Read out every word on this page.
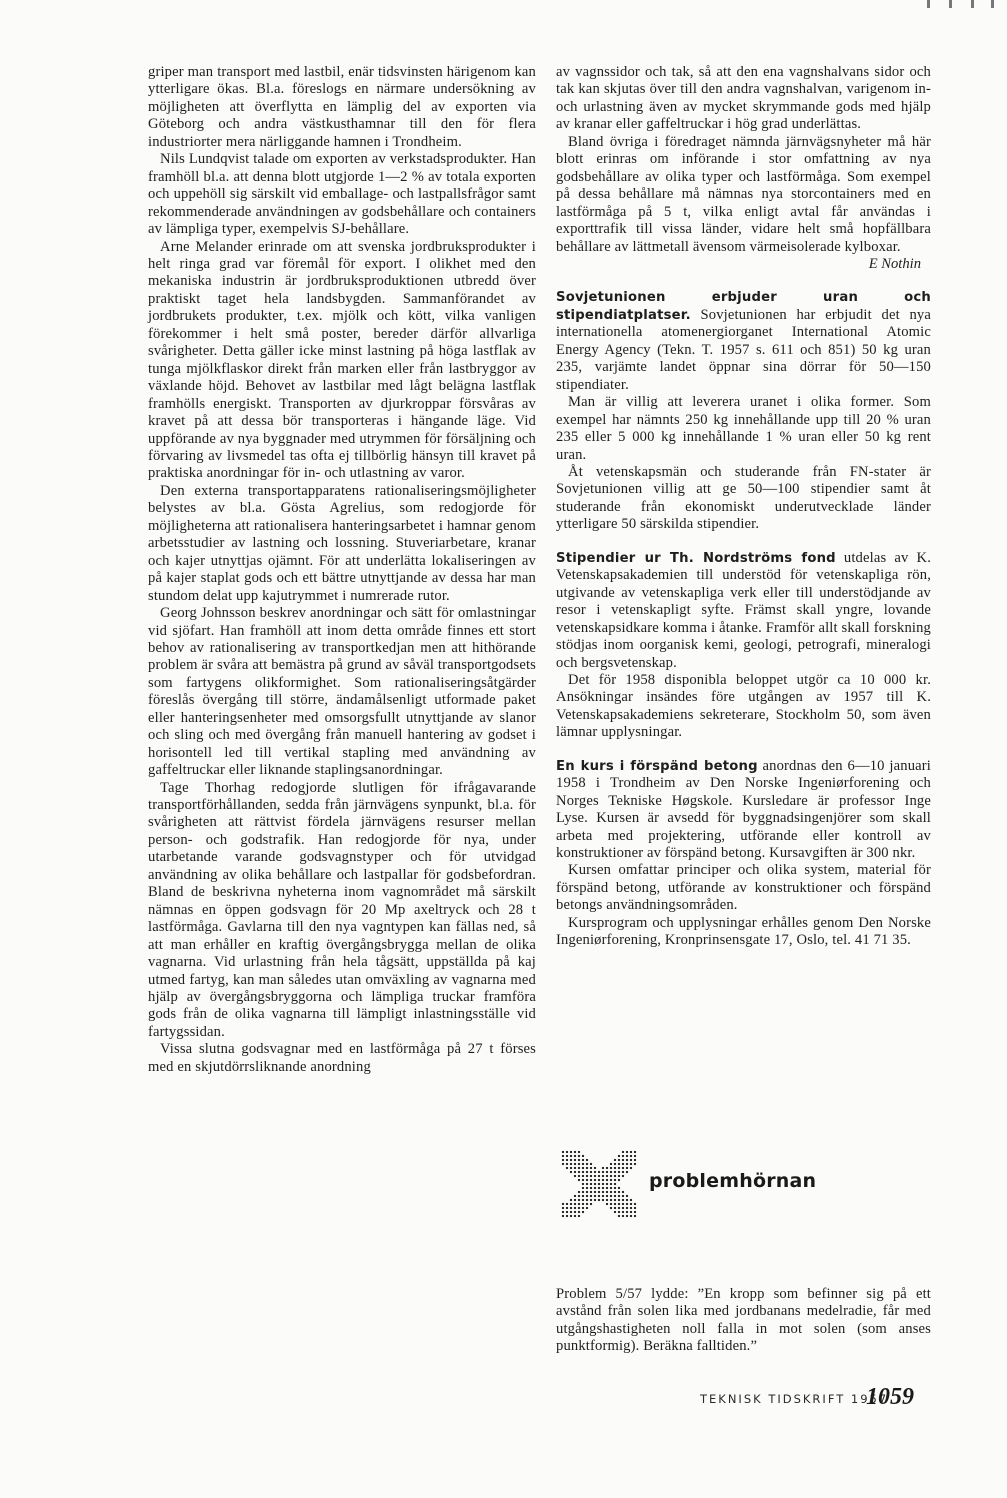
griper man transport med lastbil, enär tidsvinsten härigenom kan ytterligare ökas. Bl.a. föreslogs en närmare undersökning av möjligheten att överflytta en lämplig del av exporten via Göteborg och andra västkusthamnar till den för flera industriorter mera närliggande hamnen i Trondheim.

Nils Lundqvist talade om exporten av verkstadsprodukter. Han framhöll bl.a. att denna blott utgjorde 1—2 % av totala exporten och uppehöll sig särskilt vid emballage- och lastpallsfrågor samt rekommenderade användningen av godsbehållare och containers av lämpliga typer, exempelvis SJ-behållare.

Arne Melander erinrade om att svenska jordbruksprodukter i helt ringa grad var föremål för export. I olikhet med den mekaniska industrin är jordbruksproduktionen utbredd över praktiskt taget hela landsbygden. Sammanförandet av jordbrukets produkter, t.ex. mjölk och kött, vilka vanligen förekommer i helt små poster, bereder därför allvarliga svårigheter. Detta gäller icke minst lastning på höga lastflak av tunga mjölkflaskor direkt från marken eller från lastbryggor av växlande höjd. Behovet av lastbilar med lågt belägna lastflak framhölls energiskt. Transporten av djurkroppar försvåras av kravet på att dessa bör transporteras i hängande läge. Vid uppförande av nya byggnader med utrymmen för försäljning och förvaring av livsmedel tas ofta ej tillbörlig hänsyn till kravet på praktiska anordningar för in- och utlastning av varor.

Den externa transportapparatens rationaliseringsmöjligheter belystes av bl.a. Gösta Agrelius, som redogjorde för möjligheterna att rationalisera hanteringsarbetet i hamnar genom arbetsstudier av lastning och lossning. Stuveriarbetare, kranar och kajer utnyttjas ojämnt. För att underlätta lokaliseringen av på kajer staplat gods och ett bättre utnyttjande av dessa har man stundom delat upp kajutrymmet i numrerade rutor.

Georg Johnsson beskrev anordningar och sätt för omlastningar vid sjöfart. Han framhöll att inom detta område finnes ett stort behov av rationalisering av transportkedjan men att hithörande problem är svåra att bemästra på grund av såväl transportgodsets som fartygens olikformighet. Som rationaliseringsåtgärder föreslås övergång till större, ändamålsenligt utformade paket eller hanteringsenheter med omsorgsfullt utnyttjande av slanor och sling och med övergång från manuell hantering av godset i horisontell led till vertikal stapling med användning av gaffeltruckar eller liknande staplingsanordningar.

Tage Thorhag redogjorde slutligen för ifrågavarande transportförhållanden, sedda från järnvägens synpunkt, bl.a. för svårigheten att rättvist fördela järnvägens resurser mellan person- och godstrafik. Han redogjorde för nya, under utarbetande varande godsvagnstyper och för utvidgad användning av olika behållare och lastpallar för godsbefordran. Bland de beskrivna nyheterna inom vagnområdet må särskilt nämnas en öppen godsvagn för 20 Mp axeltryck och 28 t lastförmåga. Gavlarna till den nya vagntypen kan fällas ned, så att man erhåller en kraftig övergångsbrygga mellan de olika vagnarna. Vid urlastning från hela tågsätt, uppställda på kaj utmed fartyg, kan man således utan omväxling av vagnarna med hjälp av övergångsbryggorna och lämpliga truckar framföra gods från de olika vagnarna till lämpligt inlastningsställe vid fartygssidan.

Vissa slutna godsvagnar med en lastförmåga på 27 t förses med en skjutdörrsliknande anordning

av vagnssidor och tak, så att den ena vagnshalvans sidor och tak kan skjutas över till den andra vagnshalvan, varigenom in- och urlastning även av mycket skrymmande gods med hjälp av kranar eller gaffeltruckar i hög grad underlättas.

Bland övriga i föredraget nämnda järnvägsnyheter må här blott erinras om införande i stor omfattning av nya godsbehållare av olika typer och lastförmåga. Som exempel på dessa behållare må nämnas nya storcontainers med en lastförmåga på 5 t, vilka enligt avtal får användas i exporttrafik till vissa länder, vidare helt små hopfällbara behållare av lättmetall ävensom värmeisolerade kylboxar.

E Nothin

Sovjetunionen erbjuder uran och stipendiatplatser. Sovjetunionen har erbjudit det nya internationella atomenergiorganet International Atomic Energy Agency (Tekn. T. 1957 s. 611 och 851) 50 kg uran 235, varjämte landet öppnar sina dörrar för 50—150 stipendiater.

Man är villig att leverera uranet i olika former. Som exempel har nämnts 250 kg innehållande upp till 20 % uran 235 eller 5 000 kg innehållande 1 % uran eller 50 kg rent uran.

Åt vetenskapsmän och studerande från FN-stater är Sovjetunionen villig att ge 50—100 stipendier samt åt studerande från ekonomiskt underutvecklade länder ytterligare 50 särskilda stipendier.

Stipendier ur Th. Nordströms fond utdelas av K. Vetenskapsakademien till understöd för vetenskapliga rön, utgivande av vetenskapliga verk eller till understödjande av resor i vetenskapligt syfte. Främst skall yngre, lovande vetenskapsidkare komma i åtanke. Framför allt skall forskning stödjas inom oorganisk kemi, geologi, petrografi, mineralogi och bergsvetenskap.

Det för 1958 disponibla beloppet utgör ca 10 000 kr. Ansökningar insändes före utgången av 1957 till K. Vetenskapsakademiens sekreterare, Stockholm 50, som även lämnar upplysningar.

En kurs i förspänd betong anordnas den 6—10 januari 1958 i Trondheim av Den Norske Ingeniørforening och Norges Tekniske Høgskole. Kursledare är professor Inge Lyse. Kursen är avsedd för byggnadsingenjörer som skall arbeta med projektering, utförande eller kontroll av konstruktioner av förspänd betong. Kursavgiften är 300 nkr.

Kursen omfattar principer och olika system, material för förspänd betong, utförande av konstruktioner och förspänd betongs användningsområden.

Kursprogram och upplysningar erhålles genom Den Norske Ingeniørforening, Kronprinsensgate 17, Oslo, tel. 41 71 35.

problemhörnan

Problem 5/57 lydde: ”En kropp som befinner sig på ett avstånd från solen lika med jordbanans medelradie, får med utgångshastigheten noll falla in mot solen (som anses punktformig). Beräkna falltiden.”

TEKNISK TIDSKRIFT 1957
1059
